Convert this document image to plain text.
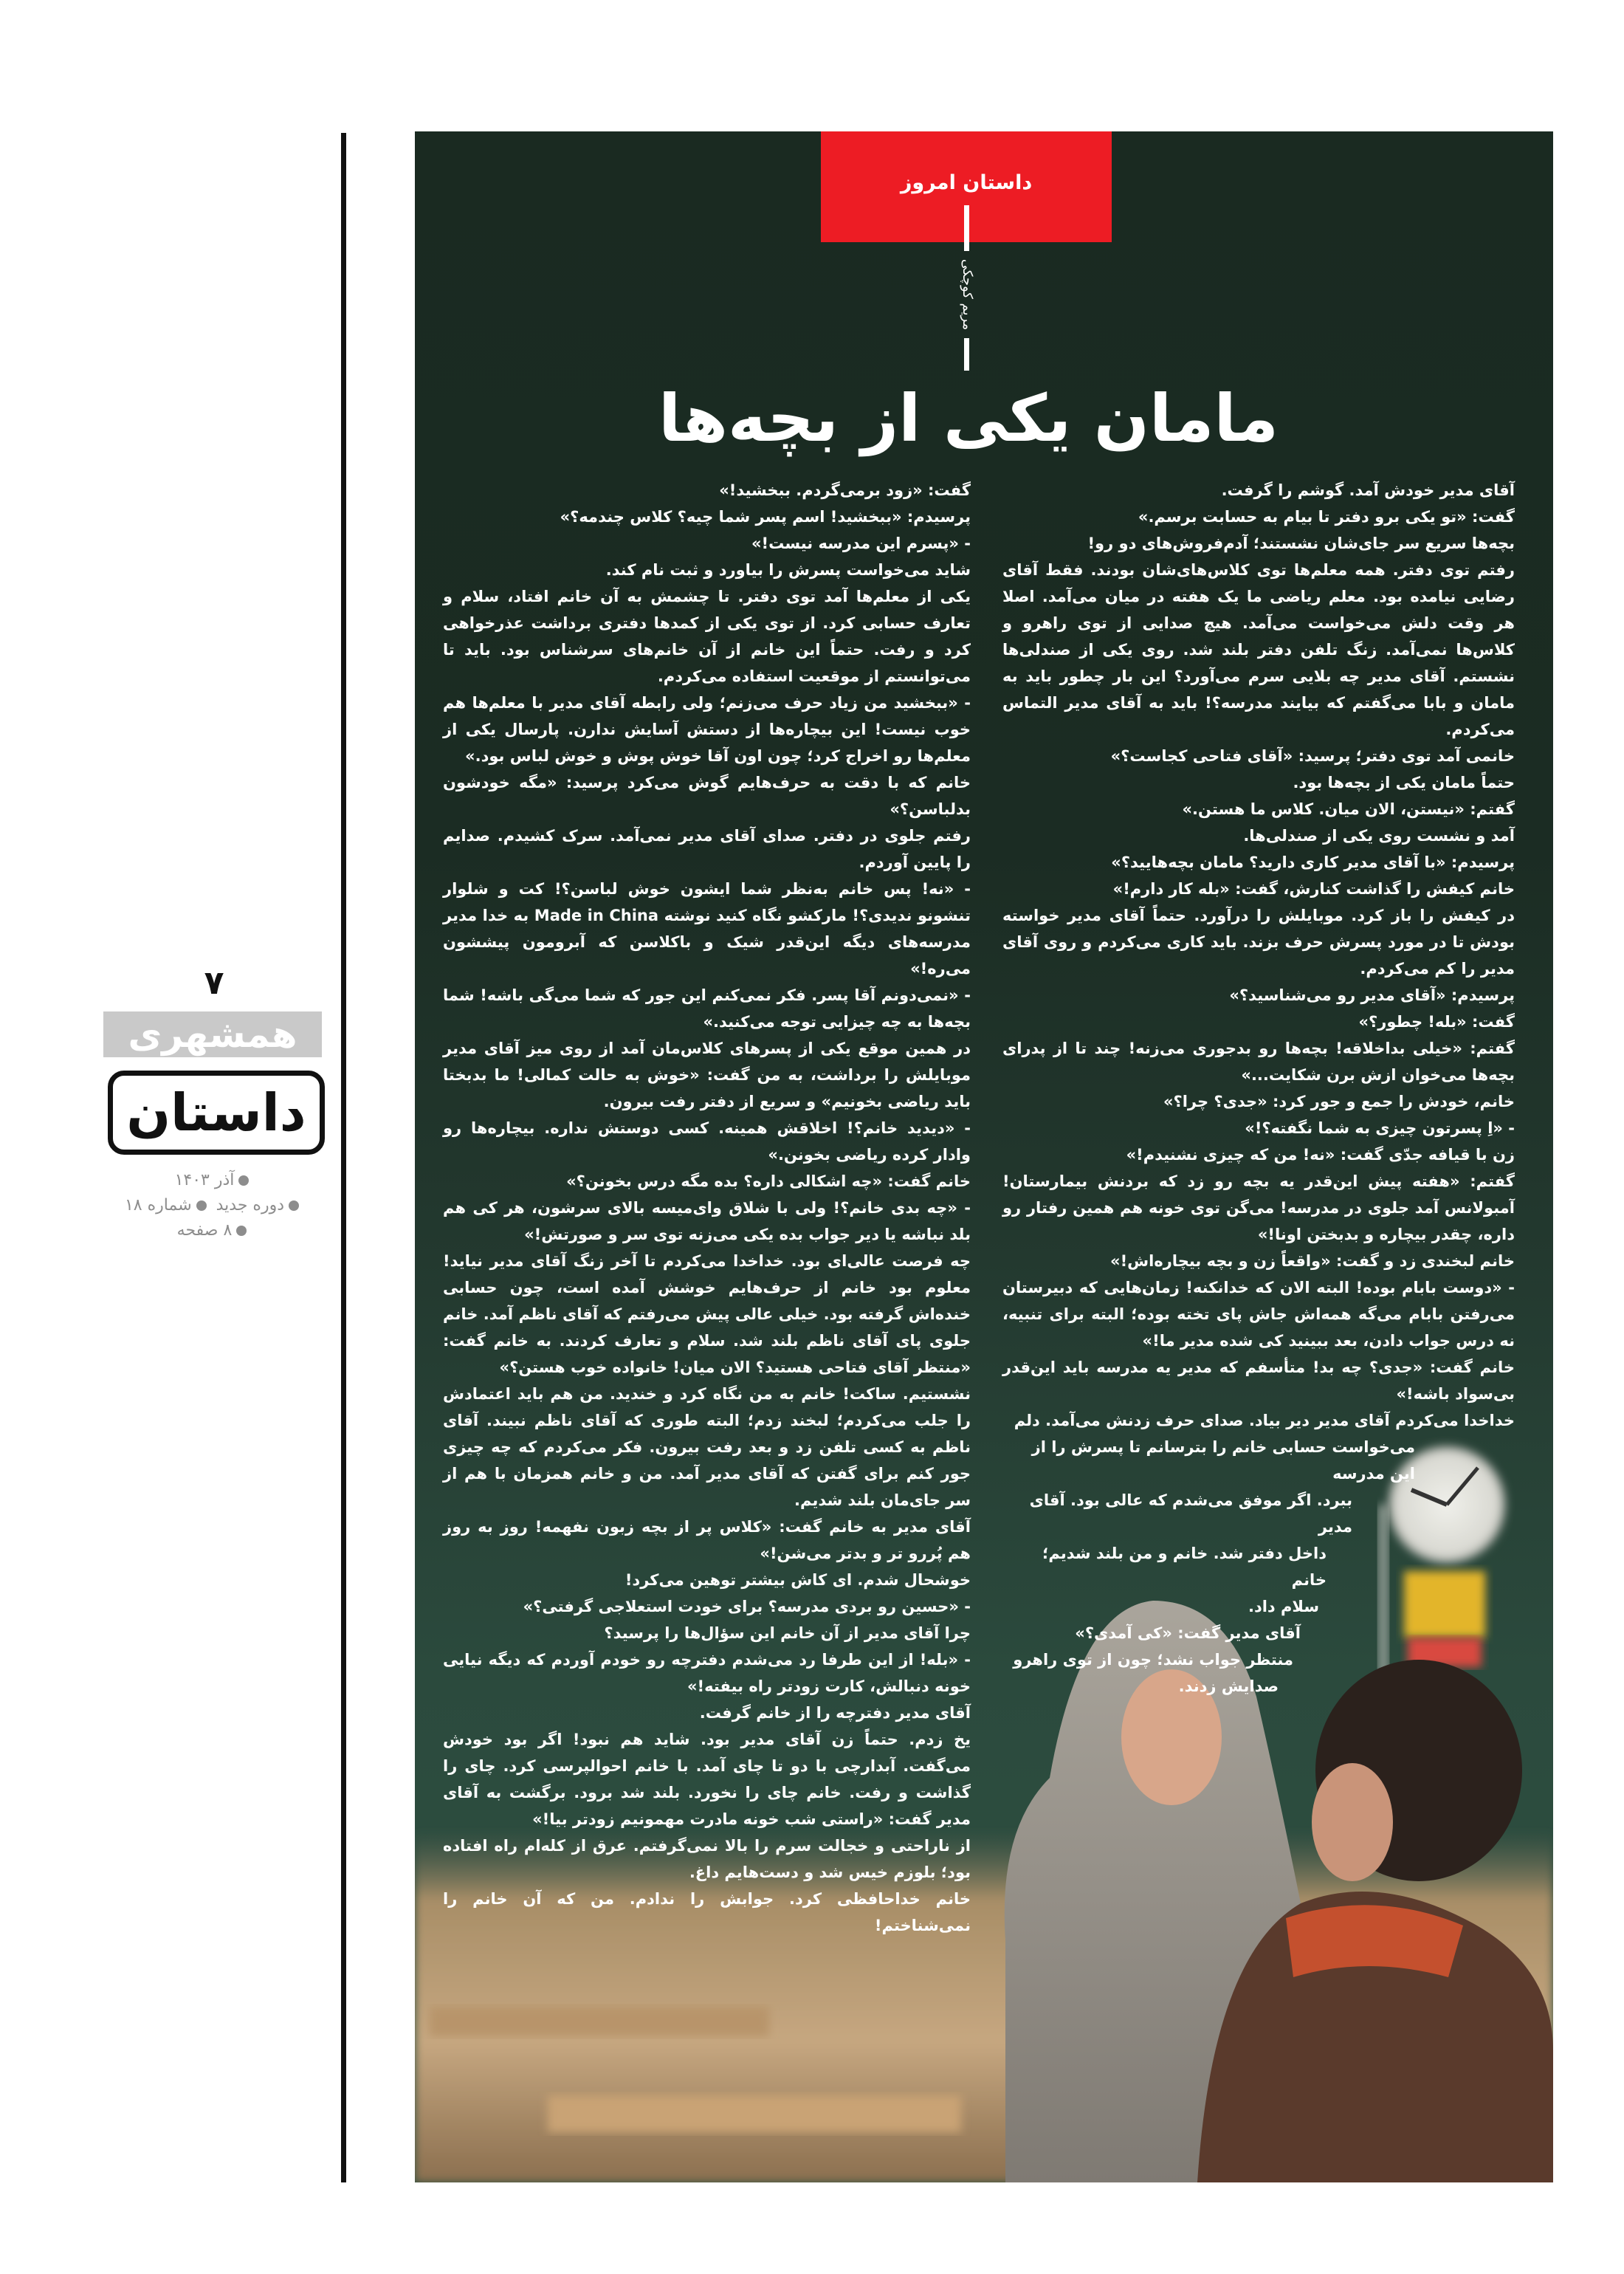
۷
همشهری
داستان
آذر ۱۴۰۳
دوره جدید شماره ۱۸
۸ صفحه
داستان امروز
مریم کوچکی
مامان یکی از بچه‌ها

آقای مدیر خودش آمد. گوشم را گرفت.

گفت: «تو یکی برو دفتر تا بیام به حسابت برسم.»

بچه‌ها سریع سر جای‌شان نشستند؛ آدم‌فروش‌های دو رو!

رفتم توی دفتر. همه معلم‌ها توی کلاس‌های‌شان بودند. فقط آقای رضایی نیامده بود. معلم ریاضی ما یک هفته در میان می‌آمد. اصلا هر وقت دلش می‌خواست می‌آمد. هیچ صدایی از توی راهرو و کلاس‌ها نمی‌آمد. زنگ تلفن دفتر بلند شد. روی یکی از صندلی‌ها نشستم. آقای مدیر چه بلایی سرم می‌آورد؟ این بار چطور باید به مامان و بابا می‌گفتم که بیایند مدرسه؟! باید به آقای مدیر التماس می‌کردم.

خانمی آمد توی دفتر؛ پرسید: «آقای فتاحی کجاست؟»

حتماً مامان یکی از بچه‌ها بود.

گفتم: «نیستن، الان میان. کلاس ما هستن.»

آمد و نشست روی یکی از صندلی‌ها.

پرسیدم: «با آقای مدیر کاری دارید؟ مامان بچه‌هایید؟»

خانم کیفش را گذاشت کنارش، گفت: «بله کار دارم!»

در کیفش را باز کرد. موبایلش را درآورد. حتماً آقای مدیر خواسته بودش تا در مورد پسرش حرف بزند. باید کاری می‌کردم و روی آقای مدیر را کم می‌کردم.

پرسیدم: «آقای مدیر رو می‌شناسید؟»

گفت: «بله! چطور؟»

گفتم: «خیلی بداخلاقه! بچه‌ها رو بدجوری می‌زنه! چند تا از پدرای بچه‌ها می‌خوان ازش برن شکایت...»

خانم، خودش را جمع و جور کرد: «جدی؟ چرا؟»

- «اِ پسرتون چیزی به شما نگفته؟!»

زن با قیافه جدّی گفت: «نه! من که چیزی نشنیدم!»

گفتم: «هفته پیش این‌قدر یه بچه رو زد که بردنش بیمارستان! آمبولانس آمد جلوی در مدرسه! می‌گن توی خونه هم همین رفتار رو داره، چقدر بیچاره و بدبختن اونا!»

خانم لبخندی زد و گفت: «واقعاً زن و بچه بیچاره‌اش!»

- «دوست بابام بوده! البته الان که خدانکنه! زمان‌هایی که دبیرستان می‌رفتن بابام می‌گه همه‌اش جاش پای تخته بوده؛ البته برای تنبیه، نه درس جواب دادن، بعد ببینید کی شده مدیر ما!»

خانم گفت: «جدی؟ چه بد! متأسفم که مدیر یه مدرسه باید این‌قدر بی‌سواد باشه!»

خداخدا می‌کردم آقای مدیر دیر بیاد. صدای حرف زدنش می‌آمد. دلم

می‌خواست حسابی خانم را بترسانم تا پسرش را از این مدرسه

ببرد. اگر موفق می‌شدم که عالی بود. آقای مدیر

داخل دفتر شد. خانم و من بلند شدیم؛ خانم

سلام داد.

آقای مدیر گفت: «کی آمدی؟»

منتظر جواب نشد؛ چون از توی راهرو

صدایش زدند.

گفت: «زود برمی‌گردم. ببخشید!»

پرسیدم: «ببخشید! اسم پسر شما چیه؟ کلاس چندمه؟»

- «پسرم این مدرسه نیست!»

شاید می‌خواست پسرش را بیاورد و ثبت نام کند.

یکی از معلم‌ها آمد توی دفتر. تا چشمش به آن خانم افتاد، سلام و تعارف حسابی کرد. از توی یکی از کمدها دفتری برداشت عذرخواهی کرد و رفت. حتماً این خانم از آن خانم‌های سرشناس بود. باید تا می‌توانستم از موقعیت استفاده می‌کردم.

- «ببخشید من زیاد حرف می‌زنم؛ ولی رابطه آقای مدیر با معلم‌ها هم خوب نیست! این بیچاره‌ها از دستش آسایش ندارن. پارسال یکی از معلم‌ها رو اخراج کرد؛ چون اون آقا خوش پوش و خوش لباس بود.»

خانم که با دقت به حرف‌هایم گوش می‌کرد پرسید: «مگه خودشون بدلباسن؟»

رفتم جلوی در دفتر. صدای آقای مدیر نمی‌آمد. سرک کشیدم. صدایم را پایین آوردم.

- «نه! پس خانم به‌نظر شما ایشون خوش لباسن؟! کت و شلوار تنشونو ندیدی؟! مارکشو نگاه کنید نوشته Made in China به خدا مدیر مدرسه‌های دیگه این‌قدر شیک و باکلاسن که آبرومون پیششون می‌ره!»

- «نمی‌دونم آقا پسر. فکر نمی‌کنم این جور که شما می‌گی باشه! شما بچه‌ها به چه چیزایی توجه می‌کنید.»

در همین موقع یکی از پسرهای کلاس‌مان آمد از روی میز آقای مدیر موبایلش را برداشت، به من گفت: «خوش به حالت کمالی! ما بدبختا باید ریاضی بخونیم» و سریع از دفتر رفت بیرون.

- «دیدید خانم؟! اخلاقش همینه. کسی دوستش نداره. بیچاره‌ها رو وادار کرده ریاضی بخونن.»

خانم گفت: «چه اشکالی داره؟ بده مگه درس بخونن؟»

- «چه بدی خانم؟! ولی با شلاق وای‌میسه بالای سرشون، هر کی هم بلد نباشه یا دیر جواب بده یکی می‌زنه توی سر و صورتش!»

چه فرصت عالی‌ای بود. خداخدا می‌کردم تا آخر زنگ آقای مدیر نیاید! معلوم بود خانم از حرف‌هایم خوشش آمده است، چون حسابی خنده‌اش گرفته بود. خیلی عالی پیش می‌رفتم که آقای ناظم آمد. خانم جلوی پای آقای ناظم بلند شد. سلام و تعارف کردند. به خانم گفت: «منتظر آقای فتاحی هستید؟ الان میان! خانواده خوب هستن؟»

نشستیم. ساکت! خانم به من نگاه کرد و خندید. من هم باید اعتمادش را جلب می‌کردم؛ لبخند زدم؛ البته طوری که آقای ناظم نبیند. آقای ناظم به کسی تلفن زد و بعد رفت بیرون. فکر می‌کردم که چه چیزی جور کنم برای گفتن که آقای مدیر آمد. من و خانم همزمان با هم از سر جای‌مان بلند شدیم.

آقای مدیر به خانم گفت: «کلاس پر از بچه زبون نفهمه! روز به روز هم پُررو تر و بدتر می‌شن!»

خوشحال شدم. ای کاش بیشتر توهین می‌کرد!

- «حسین رو بردی مدرسه؟ برای خودت استعلاجی گرفتی؟»

چرا آقای مدیر از آن خانم این سؤال‌ها را پرسید؟

- «بله! از این طرفا رد می‌شدم دفترچه رو خودم آوردم که دیگه نیایی خونه دنبالش، کارت زودتر راه بیفته!»

آقای مدیر دفترچه را از خانم گرفت.

یخ زدم. حتماً زن آقای مدیر بود. شاید هم نبود! اگر بود خودش می‌گفت. آبدارچی با دو تا چای آمد. با خانم احوالپرسی کرد. چای را گذاشت و رفت. خانم چای را نخورد. بلند شد برود. برگشت به آقای مدیر گفت: «راستی شب خونه مادرت مهمونیم زودتر بیا!»

از ناراحتی و خجالت سرم را بالا نمی‌گرفتم. عرق از کله‌ام راه افتاده بود؛ بلوزم خیس شد و دست‌هایم داغ.

خانم خداحافظی کرد. جوابش را ندادم. من که آن خانم را نمی‌شناختم!
